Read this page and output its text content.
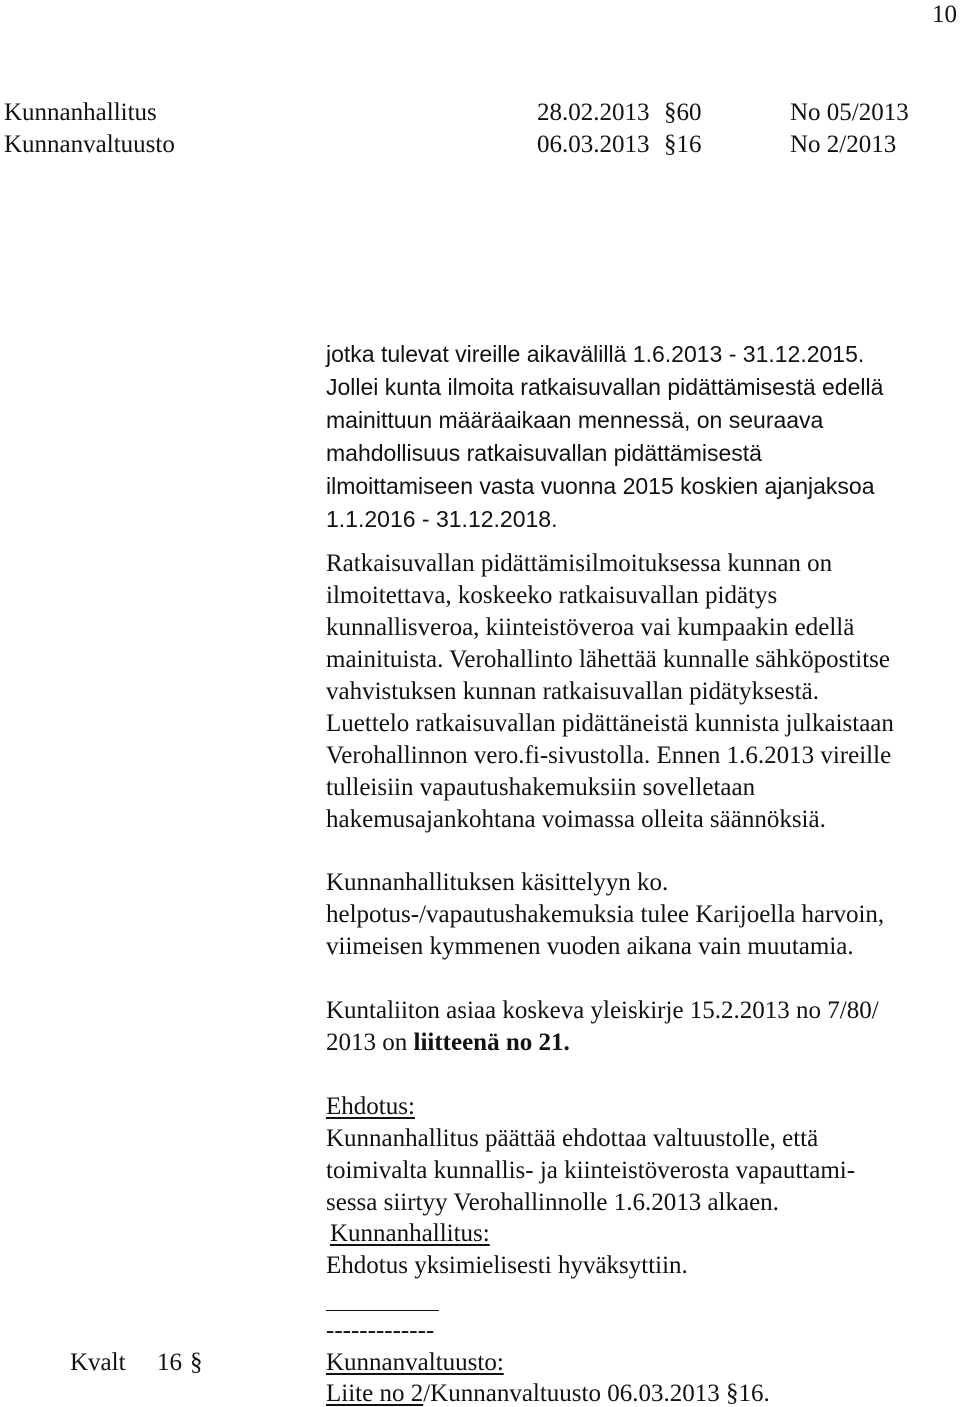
10
Kunnanhallitus	28.02.2013 §60	No 05/2013
Kunnanvaltuusto	06.03.2013 §16	No 2/2013
jotka tulevat vireille aikavälillä 1.6.2013 - 31.12.2015.
Jollei kunta ilmoita ratkaisuvallan pidättämisestä edellä
mainittuun määräaikaan mennessä, on seuraava
mahdollisuus ratkaisuvallan pidättämisestä
ilmoittamiseen vasta vuonna 2015 koskien ajanjaksoa
1.1.2016 - 31.12.2018.
Ratkaisuvallan pidättämisilmoituksessa kunnan on
ilmoitettava, koskeeko ratkaisuvallan pidätys
kunnallisveroa, kiinteistöveroa vai kumpaakin edellä
mainituista. Verohallinto lähettää kunnalle sähköpostitse
vahvistuksen kunnan ratkaisuvallan pidätyksestä.
Luettelo ratkaisuvallan pidättäneistä kunnista julkaistaan
Verohallinnon vero.fi-sivustolla. Ennen 1.6.2013 vireille
tulleisiin vapautushakemuksiin sovelletaan
hakemusajankohtana voimassa olleita säännöksiä.
Kunnanhallituksen käsittelyyn ko.
helpotus-/vapautushakemuksia tulee Karijoella harvoin,
viimeisen kymmenen vuoden aikana vain muutamia.
Kuntaliiton asiaa koskeva yleiskirje 15.2.2013 no 7/80/
2013 on liitteenä no 21.
Ehdotus:
Kunnanhallitus päättää ehdottaa valtuustolle, että
toimivalta kunnallis- ja kiinteistöverosta vapauttami-
sessa siirtyy Verohallinnolle 1.6.2013 alkaen.
Kunnanhallitus:
Ehdotus yksimielisesti hyväksyttiin.
-------------
Kvalt 16 §	Kunnanvaltuusto:
Liite no 2/Kunnanvaltuusto 06.03.2013 §16.
